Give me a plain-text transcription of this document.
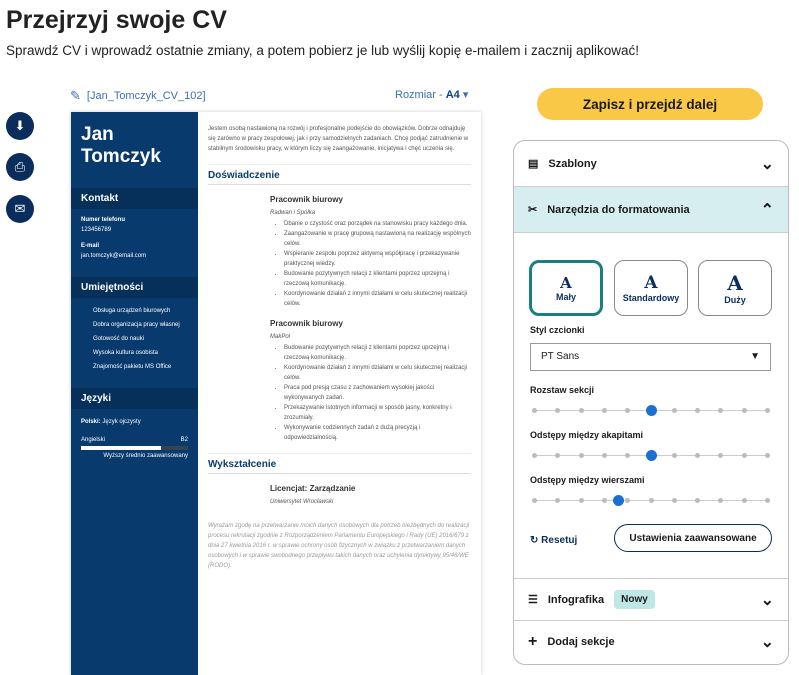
Przejrzyj swoje CV
Sprawdź CV i wprowadź ostatnie zmiany, a potem pobierz je lub wyślij kopię e-mailem i zacznij aplikować!
⬇
⎙
✉
✎ [Jan_Tomczyk_CV_102]	Rozmiar - A4 ▾
Jan Tomczyk
Kontakt
Numer telefonu
123456789
E-mail
jan.tomczyk@email.com
Umiejętności
Obsługa urządzeń biurowych
Dobra organizacja pracy własnej
Gotowość do nauki
Wysoka kultura osobista
Znajomość pakietu MS Office
Języki
Polski: Język ojczysty
Angielski	B2
Wyższy średnio zaawansowany
Jestem osobą nastawioną na rozwój i profesjonalne podejście do obowiązków. Dobrze odnajduję się zarówno w pracy zespołowej, jak i przy samodzielnych zadaniach. Chcę podjąć zatrudnienie w stabilnym środowisku pracy, w którym liczy się zaangażowanie, inicjatywa i chęć uczenia się.
Doświadczenie
Pracownik biurowy
Radwan i Spółka
• Dbanie o czystość oraz porządek na stanowisku pracy każdego dnia.
• Zaangażowanie w pracę grupową nastawioną na realizację wspólnych celów.
• Wspieranie zespołu poprzez aktywną współpracę i przekazywanie praktycznej wiedzy.
• Budowanie pozytywnych relacji z klientami poprzez uprzejmą i rzeczową komunikację.
• Koordynowanie działań z innymi działami w celu skutecznej realizacji celów.
Pracownik biurowy
MakPol
• Budowanie pozytywnych relacji z klientami poprzez uprzejmą i rzeczową komunikację.
• Koordynowanie działań z innymi działami w celu skutecznej realizacji celów.
• Praca pod presją czasu z zachowaniem wysokiej jakości wykonywanych zadań.
• Przekazywanie istotnych informacji w sposób jasny, konkretny i zrozumiały.
• Wykonywanie codziennych zadań z dużą precyzją i odpowiedzialnością.
Wykształcenie
Licencjat: Zarządzanie
Uniwersytet Wrocławski
Wyrażam zgodę na przetwarzanie moich danych osobowych dla potrzeb niezbędnych do realizacji procesu rekrutacji zgodnie z Rozporządzeniem Parlamentu Europejskiego i Rady (UE) 2016/679 z dnia 27 kwietnia 2016 r. w sprawie ochrony osób fizycznych w związku z przetwarzaniem danych osobowych i w sprawie swobodnego przepływu takich danych oraz uchylenia dyrektywy 95/46/WE (RODO).
Zapisz i przejdź dalej
▤ Szablony	⌄
✂ Narzędzia do formatowania	⌃
A
Mały
A
Standardowy
A
Duży
Styl czcionki
PT Sans	▼
Rozstaw sekcji
Odstępy między akapitami
Odstępy między wierszami
↻ Resetuj	Ustawienia zaawansowane
☰ Infografika	Nowy	⌄
+ Dodaj sekcje	⌄
